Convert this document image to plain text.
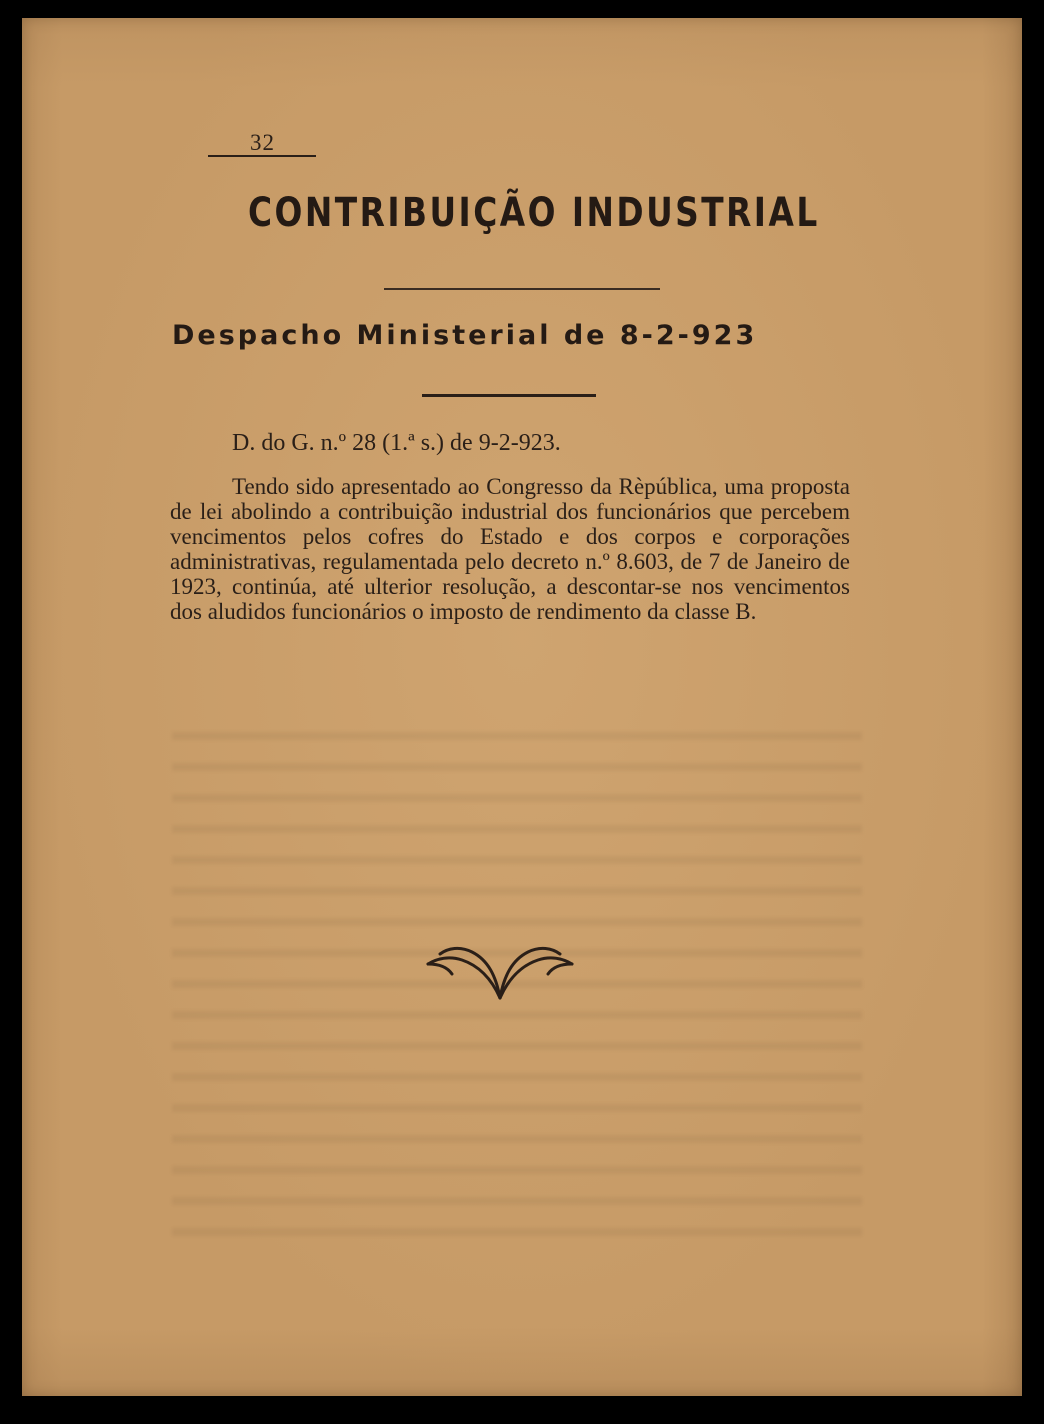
32
CONTRIBUIÇÃO INDUSTRIAL
Despacho Ministerial de 8-2-923
D. do G. n.º 28 (1.ª s.) de 9-2-923.
Tendo sido apresentado ao Congresso da Rèpública, uma proposta de lei abolindo a contribuição industrial dos funcionários que percebem vencimentos pelos cofres do Estado e dos corpos e corporações administrativas, regulamentada pelo decreto n.º 8.603, de 7 de Janeiro de 1923, continúa, até ulterior resolução, a descontar-se nos vencimentos dos aludidos funcionários o imposto de rendimento da classe B.
